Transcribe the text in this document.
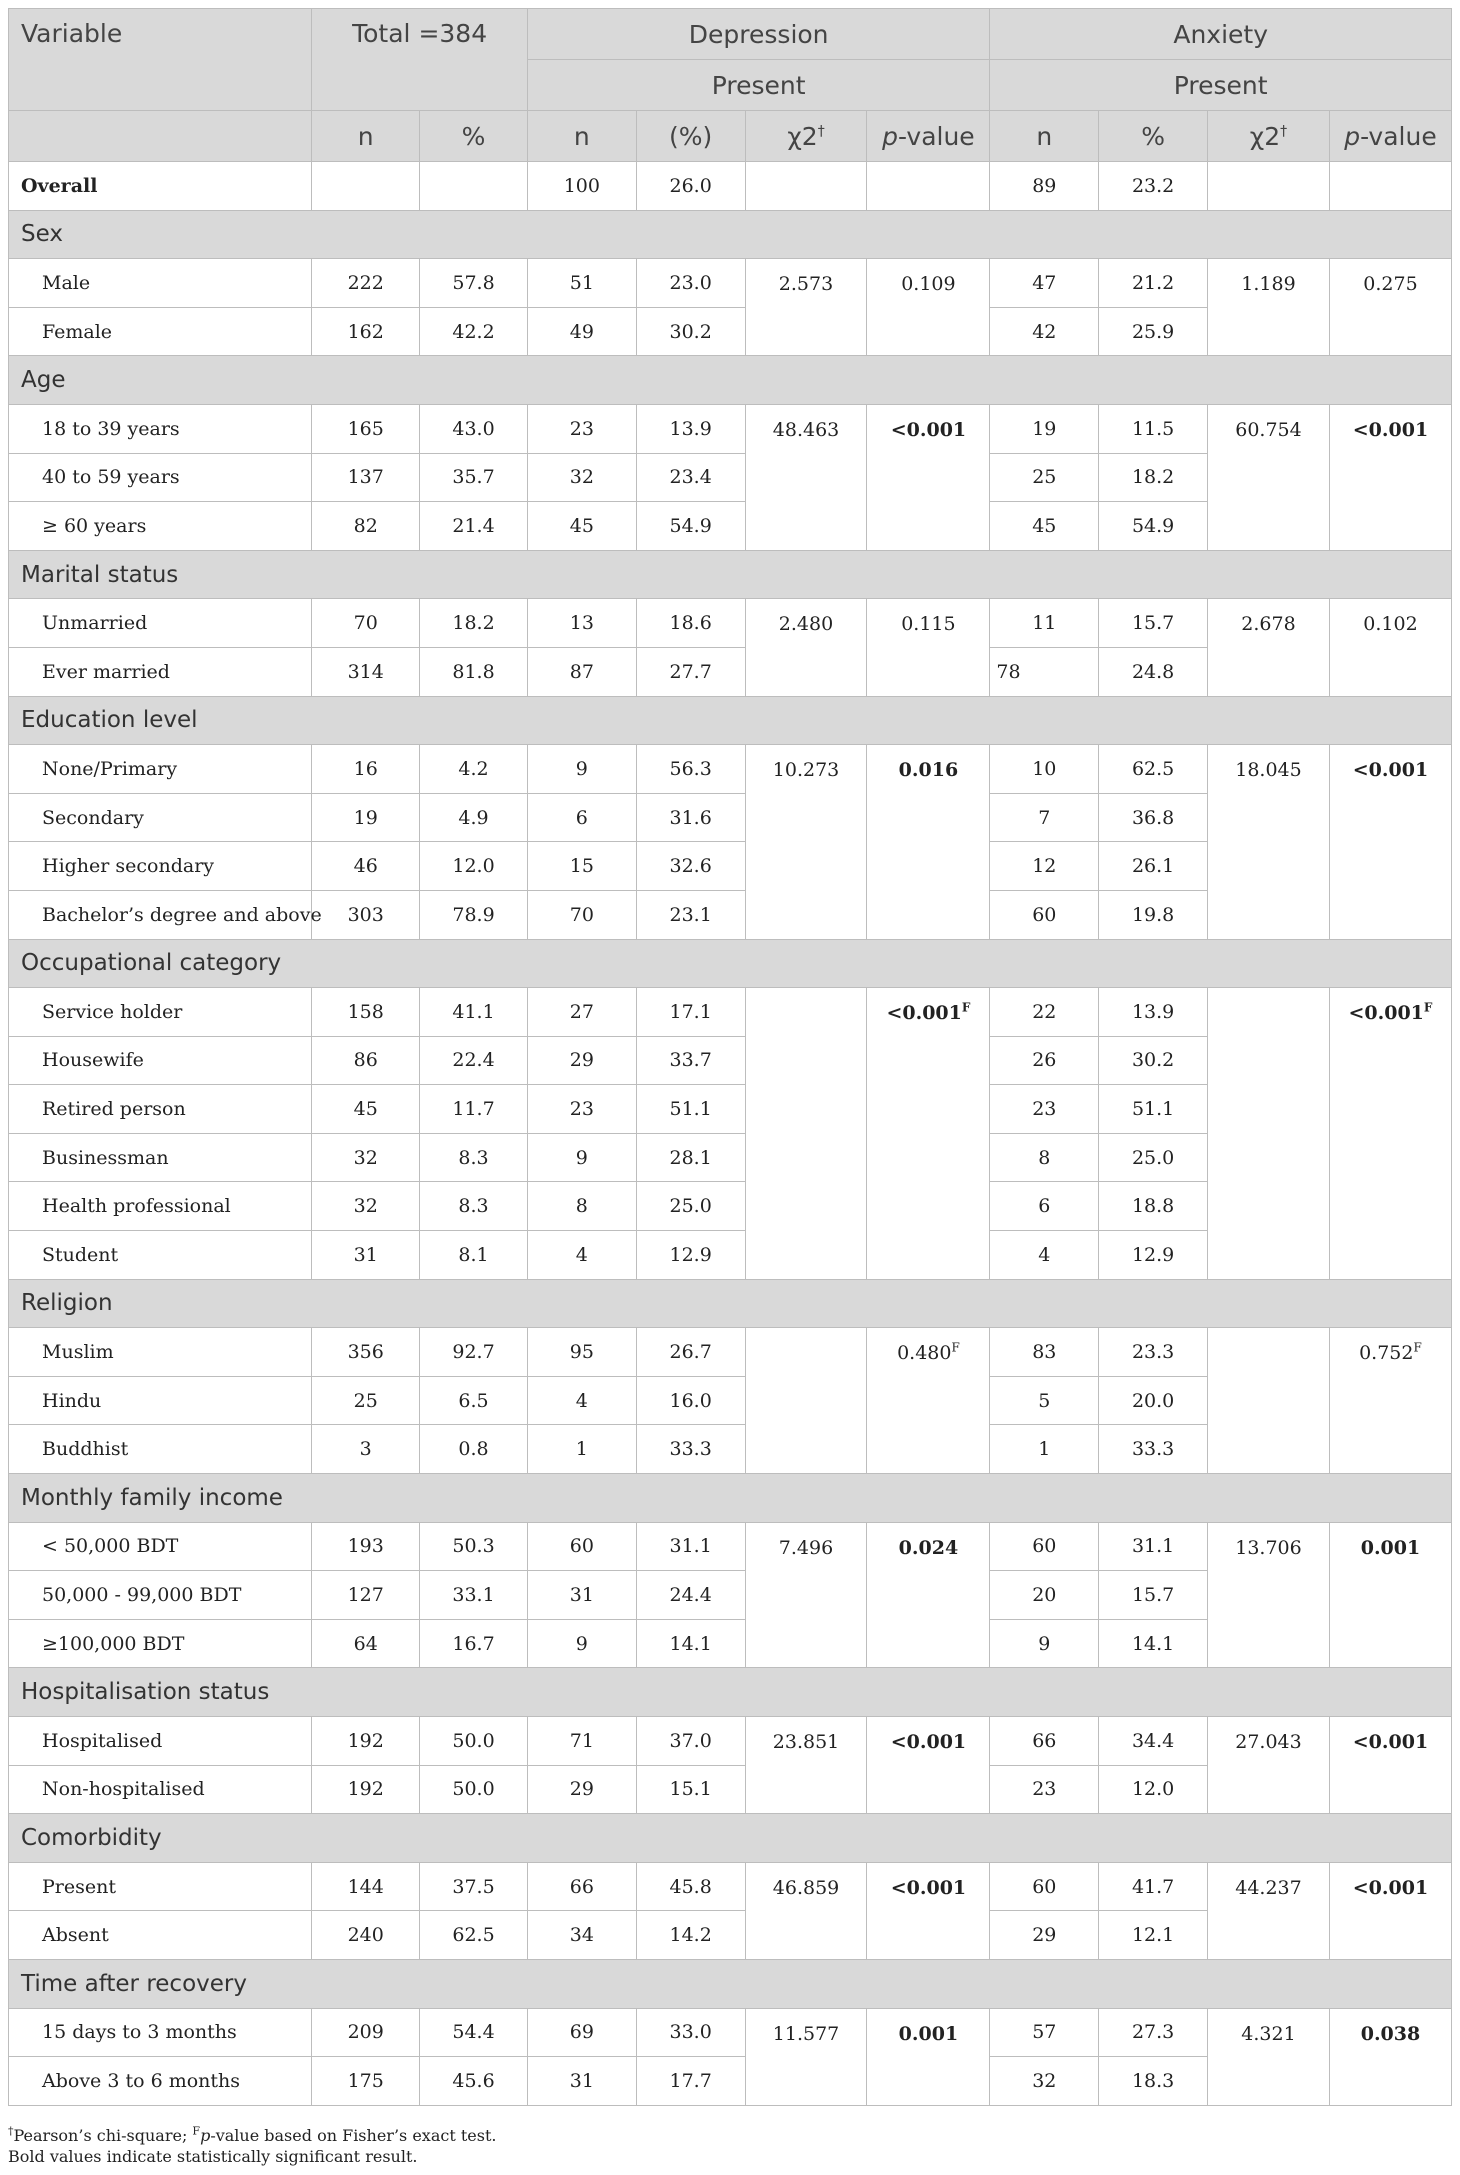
Variable	Total =384		Depression				Anxiety			
			Present				Present			
	n	%	n	(%)	χ2†	p-value	n	%	χ2†	p-value
Overall			100	26.0			89	23.2		
Sex										
Male	222	57.8	51	23.0	2.573	0.109	47	21.2	1.189	0.275
Female	162	42.2	49	30.2			42	25.9		
Age										
18 to 39 years	165	43.0	23	13.9	48.463	<0.001	19	11.5	60.754	<0.001
40 to 59 years	137	35.7	32	23.4			25	18.2		
≥ 60 years	82	21.4	45	54.9			45	54.9		
Marital status										
Unmarried	70	18.2	13	18.6	2.480	0.115	11	15.7	2.678	0.102
Ever married	314	81.8	87	27.7			78	24.8		
Education level										
None/Primary	16	4.2	9	56.3	10.273	0.016	10	62.5	18.045	<0.001
Secondary	19	4.9	6	31.6			7	36.8		
Higher secondary	46	12.0	15	32.6			12	26.1		
Bachelor’s degree and above	303	78.9	70	23.1			60	19.8		
Occupational category										
Service holder	158	41.1	27	17.1		$<0.001^F$	22	13.9		$<0.001^F$
Housewife	86	22.4	29	33.7			26	30.2		
Retired person	45	11.7	23	51.1			23	51.1		
Businessman	32	8.3	9	28.1			8	25.0		
Health professional	32	8.3	8	25.0			6	18.8		
Student	31	8.1	4	12.9			4	12.9		
Religion										
Muslim	356	92.7	95	26.7		$0.480^F$	83	23.3		$0.752^F$
Hindu	25	6.5	4	16.0			5	20.0		
Buddhist	3	0.8	1	33.3			1	33.3		
Monthly family income										
< 50,000 BDT	193	50.3	60	31.1	7.496	0.024	60	31.1	13.706	0.001
50,000 - 99,000 BDT	127	33.1	31	24.4			20	15.7		
≥100,000 BDT	64	16.7	9	14.1			9	14.1		
Hospitalisation status										
Hospitalised	192	50.0	71	37.0	23.851	<0.001	66	34.4	27.043	<0.001
Non-hospitalised	192	50.0	29	15.1			23	12.0		
Comorbidity										
Present	144	37.5	66	45.8	46.859	<0.001	60	41.7	44.237	<0.001
Absent	240	62.5	34	14.2			29	12.1		
Time after recovery										
15 days to 3 months	209	54.4	69	33.0	11.577	0.001	57	27.3	4.321	0.038
Above 3 to 6 months	175	45.6	31	17.7			32	18.3		
†Pearson’s chi-square; $^F$p-value based on Fisher’s exact test.
Bold values indicate statistically significant result.
